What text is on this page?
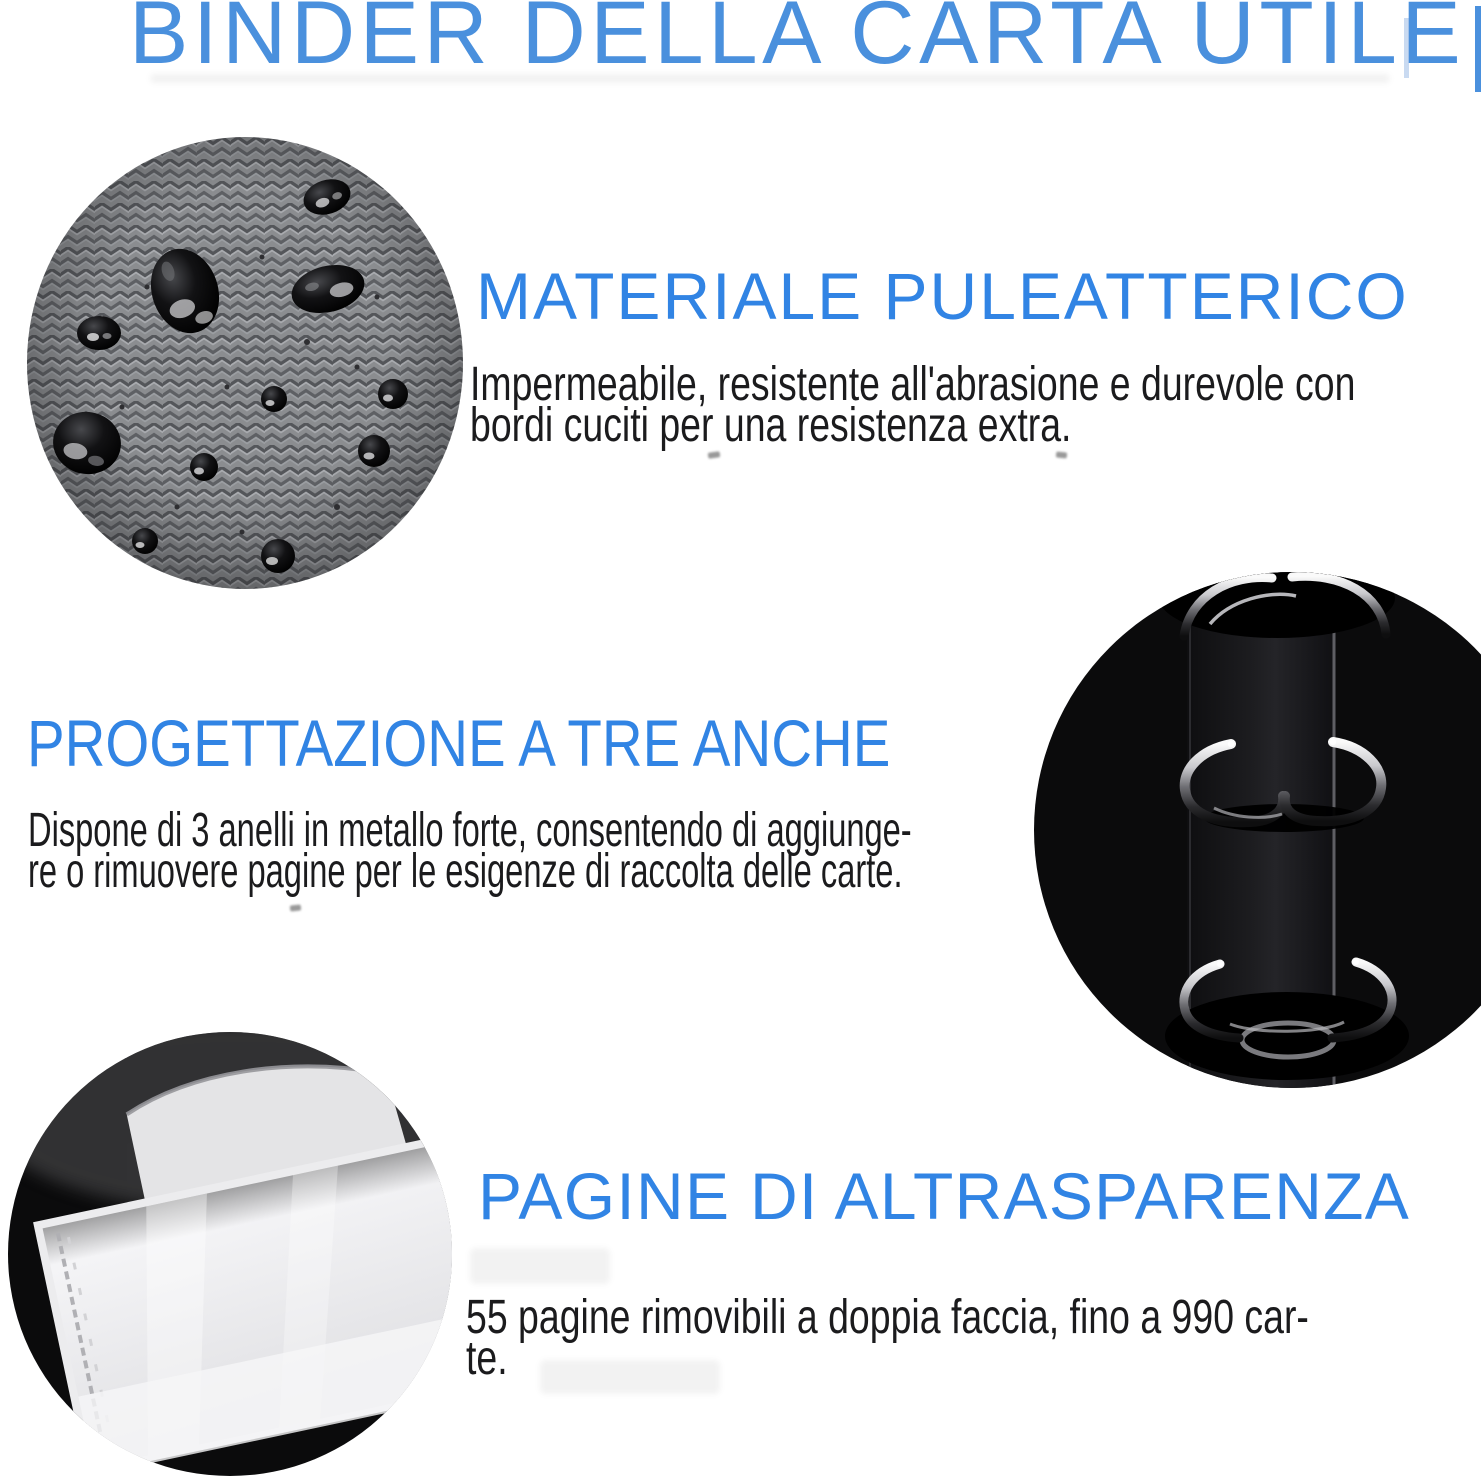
BINDER DELLA CARTA UTILE
MATERIALE PULEATTERICO
Impermeabile, resistente all'abrasione e durevole con
bordi cuciti per una resistenza extra.
PROGETTAZIONE A TRE ANCHE
Dispone di 3 anelli in metallo forte, consentendo di aggiunge-
re o rimuovere pagine per le esigenze di raccolta delle carte.
PAGINE DI ALTRASPARENZA
55 pagine rimovibili a doppia faccia, fino a 990 car-
te.
